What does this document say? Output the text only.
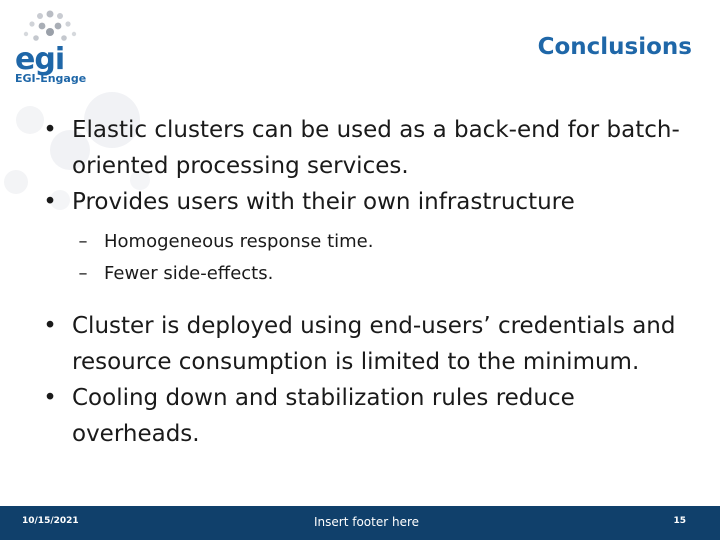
egi
EGI-Engage
Conclusions

• Elastic clusters can be used as a back-end for batch-oriented processing services.

• Provides users with their own infrastructure

– Homogeneous response time.

– Fewer side-effects.

• Cluster is deployed using end-users’ credentials and resource consumption is limited to the minimum.

• Cooling down and stabilization rules reduce overheads.

10/15/2021	Insert footer here	15
